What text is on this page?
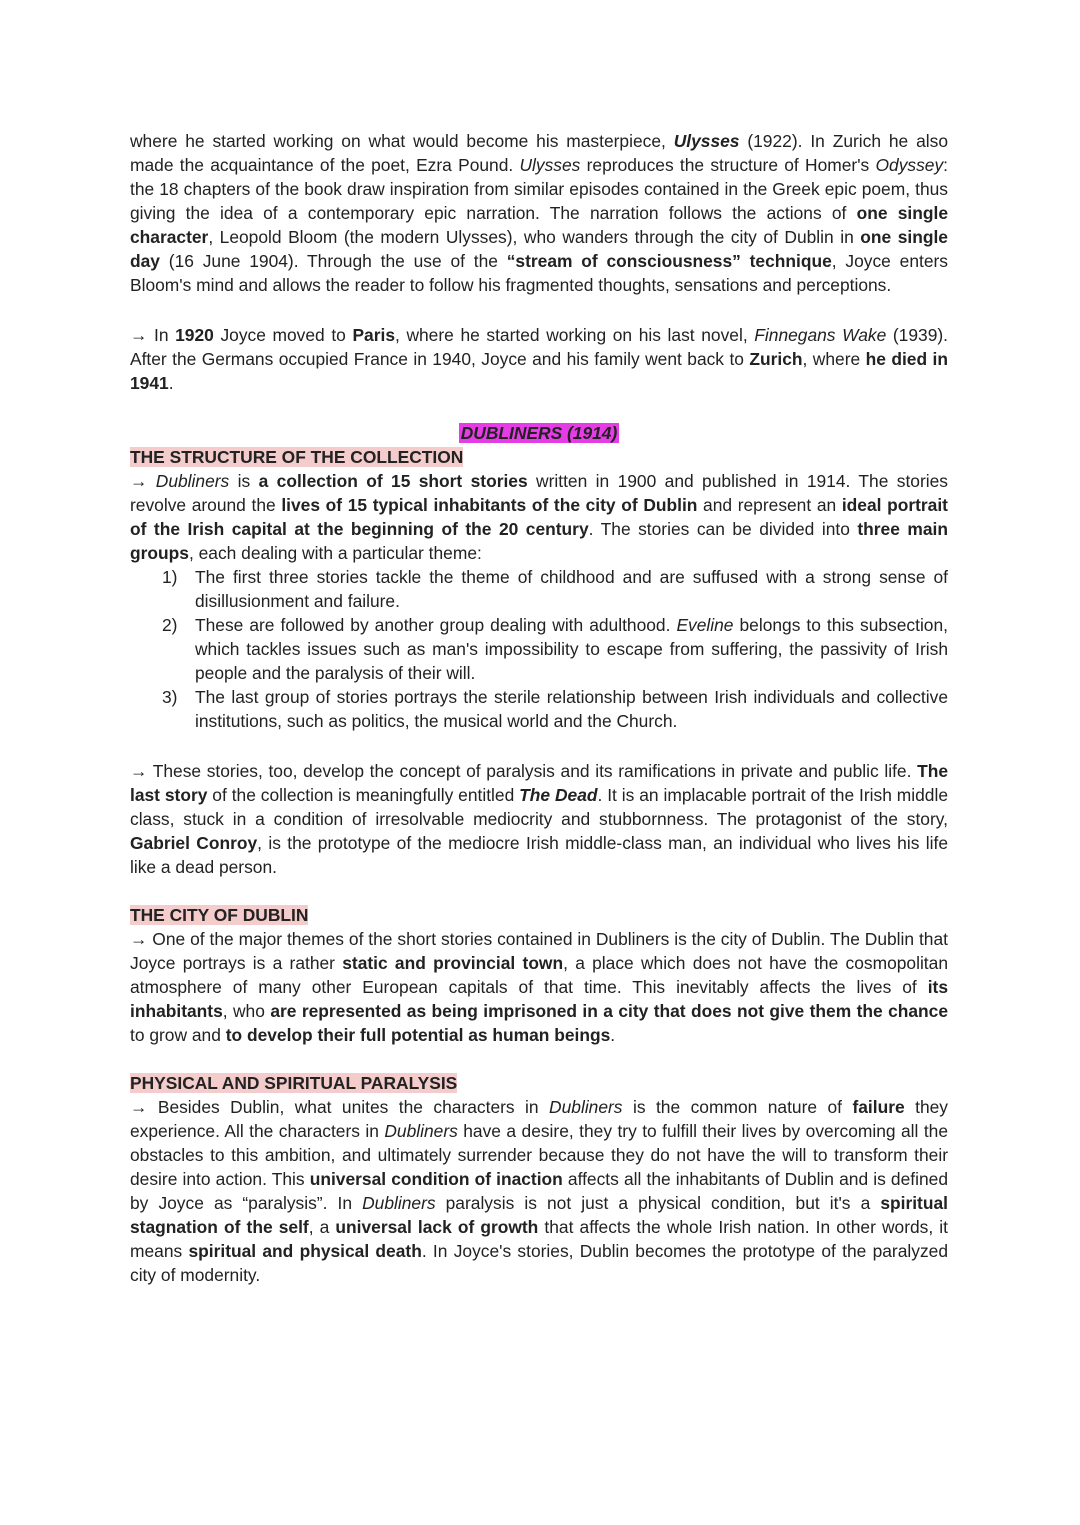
where he started working on what would become his masterpiece, Ulysses (1922). In Zurich he also made the acquaintance of the poet, Ezra Pound. Ulysses reproduces the structure of Homer's Odyssey: the 18 chapters of the book draw inspiration from similar episodes contained in the Greek epic poem, thus giving the idea of a contemporary epic narration. The narration follows the actions of one single character, Leopold Bloom (the modern Ulysses), who wanders through the city of Dublin in one single day (16 June 1904). Through the use of the “stream of consciousness” technique, Joyce enters Bloom's mind and allows the reader to follow his fragmented thoughts, sensations and perceptions.

→ In 1920 Joyce moved to Paris, where he started working on his last novel, Finnegans Wake (1939). After the Germans occupied France in 1940, Joyce and his family went back to Zurich, where he died in 1941.

DUBLINERS (1914)

THE STRUCTURE OF THE COLLECTION

→ Dubliners is a collection of 15 short stories written in 1900 and published in 1914. The stories revolve around the lives of 15 typical inhabitants of the city of Dublin and represent an ideal portrait of the Irish capital at the beginning of the 20 century. The stories can be divided into three main groups, each dealing with a particular theme:

1) The first three stories tackle the theme of childhood and are suffused with a strong sense of disillusionment and failure.
2) These are followed by another group dealing with adulthood. Eveline belongs to this subsection, which tackles issues such as man's impossibility to escape from suffering, the passivity of Irish people and the paralysis of their will.
3) The last group of stories portrays the sterile relationship between Irish individuals and collective institutions, such as politics, the musical world and the Church.

→ These stories, too, develop the concept of paralysis and its ramifications in private and public life. The last story of the collection is meaningfully entitled The Dead. It is an implacable portrait of the Irish middle class, stuck in a condition of irresolvable mediocrity and stubbornness. The protagonist of the story, Gabriel Conroy, is the prototype of the mediocre Irish middle-class man, an individual who lives his life like a dead person.

THE CITY OF DUBLIN

→ One of the major themes of the short stories contained in Dubliners is the city of Dublin. The Dublin that Joyce portrays is a rather static and provincial town, a place which does not have the cosmopolitan atmosphere of many other European capitals of that time. This inevitably affects the lives of its inhabitants, who are represented as being imprisoned in a city that does not give them the chance to grow and to develop their full potential as human beings.

PHYSICAL AND SPIRITUAL PARALYSIS

→ Besides Dublin, what unites the characters in Dubliners is the common nature of failure they experience. All the characters in Dubliners have a desire, they try to fulfill their lives by overcoming all the obstacles to this ambition, and ultimately surrender because they do not have the will to transform their desire into action. This universal condition of inaction affects all the inhabitants of Dublin and is defined by Joyce as “paralysis”. In Dubliners paralysis is not just a physical condition, but it's a spiritual stagnation of the self, a universal lack of growth that affects the whole Irish nation. In other words, it means spiritual and physical death. In Joyce's stories, Dublin becomes the prototype of the paralyzed city of modernity.
